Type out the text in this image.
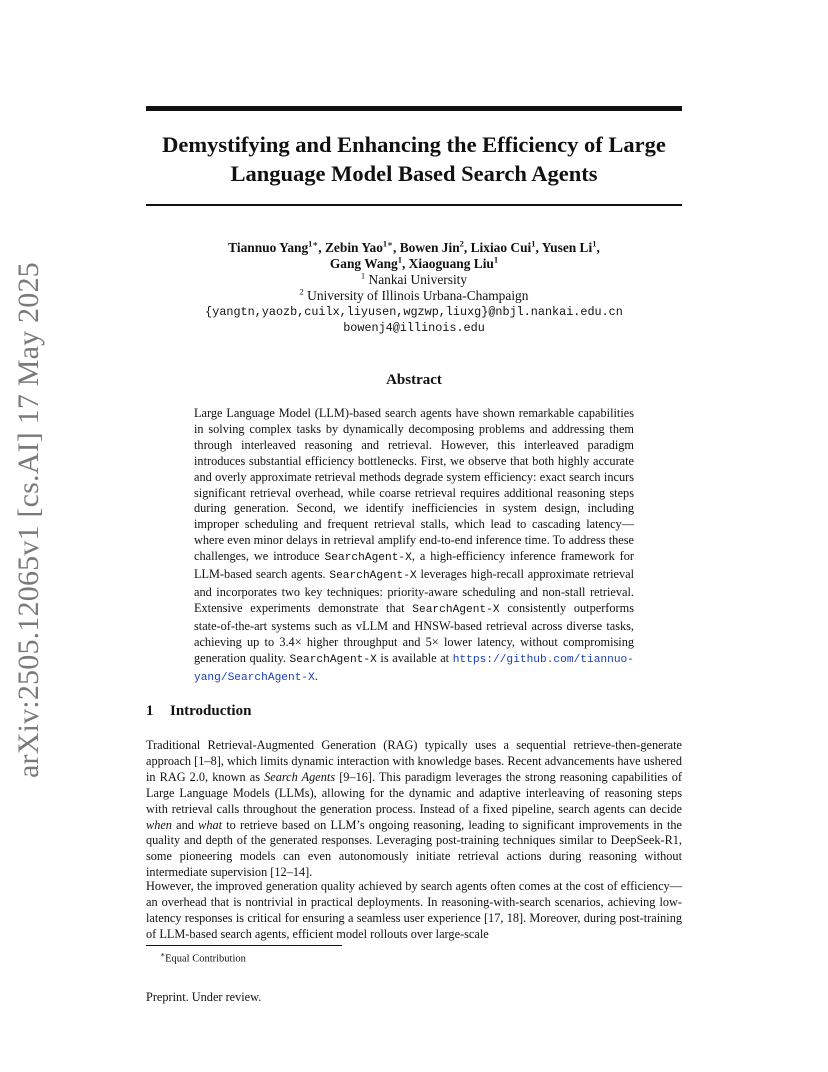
arXiv:2505.12065v1 [cs.AI] 17 May 2025
Demystifying and Enhancing the Efficiency of Large
Language Model Based Search Agents
Tiannuo Yang$^{1∗}$, Zebin Yao$^{1∗}$, Bowen Jin$^2$, Lixiao Cui$^1$, Yusen Li$^1$,
Gang Wang$^1$, Xiaoguang Liu$^1$
$^1$ Nankai University
$^2$ University of Illinois Urbana-Champaign
{yangtn,yaozb,cuilx,liyusen,wgzwp,liuxg}@nbjl.nankai.edu.cn
bowenj4@illinois.edu
Abstract
Large Language Model (LLM)-based search agents have shown remarkable capabilities in solving complex tasks by dynamically decomposing problems and addressing them through interleaved reasoning and retrieval. However, this interleaved paradigm introduces substantial efficiency bottlenecks. First, we observe that both highly accurate and overly approximate retrieval methods degrade system efficiency: exact search incurs significant retrieval overhead, while coarse retrieval requires additional reasoning steps during generation. Second, we identify inefficiencies in system design, including improper scheduling and frequent retrieval stalls, which lead to cascading latency—where even minor delays in retrieval amplify end-to-end inference time. To address these challenges, we introduce SearchAgent-X, a high-efficiency inference framework for LLM-based search agents. SearchAgent-X leverages high-recall approximate retrieval and incorporates two key techniques: priority-aware scheduling and non-stall retrieval. Extensive experiments demonstrate that SearchAgent-X consistently outperforms state-of-the-art systems such as vLLM and HNSW-based retrieval across diverse tasks, achieving up to 3.4× higher throughput and 5× lower latency, without compromising generation quality. SearchAgent-X is available at https://github.com/tiannuo-yang/SearchAgent-X.
1 Introduction
Traditional Retrieval-Augmented Generation (RAG) typically uses a sequential retrieve-then-generate approach [1–8], which limits dynamic interaction with knowledge bases. Recent advancements have ushered in RAG 2.0, known as Search Agents [9–16]. This paradigm leverages the strong reasoning capabilities of Large Language Models (LLMs), allowing for the dynamic and adaptive interleaving of reasoning steps with retrieval calls throughout the generation process. Instead of a fixed pipeline, search agents can decide when and what to retrieve based on LLM’s ongoing reasoning, leading to significant improvements in the quality and depth of the generated responses. Leveraging post-training techniques similar to DeepSeek-R1, some pioneering models can even autonomously initiate retrieval actions during reasoning without intermediate supervision [12–14].
However, the improved generation quality achieved by search agents often comes at the cost of efficiency—an overhead that is nontrivial in practical deployments. In reasoning-with-search scenarios, achieving low-latency responses is critical for ensuring a seamless user experience [17, 18]. Moreover, during post-training of LLM-based search agents, efficient model rollouts over large-scale
∗Equal Contribution
Preprint. Under review.
